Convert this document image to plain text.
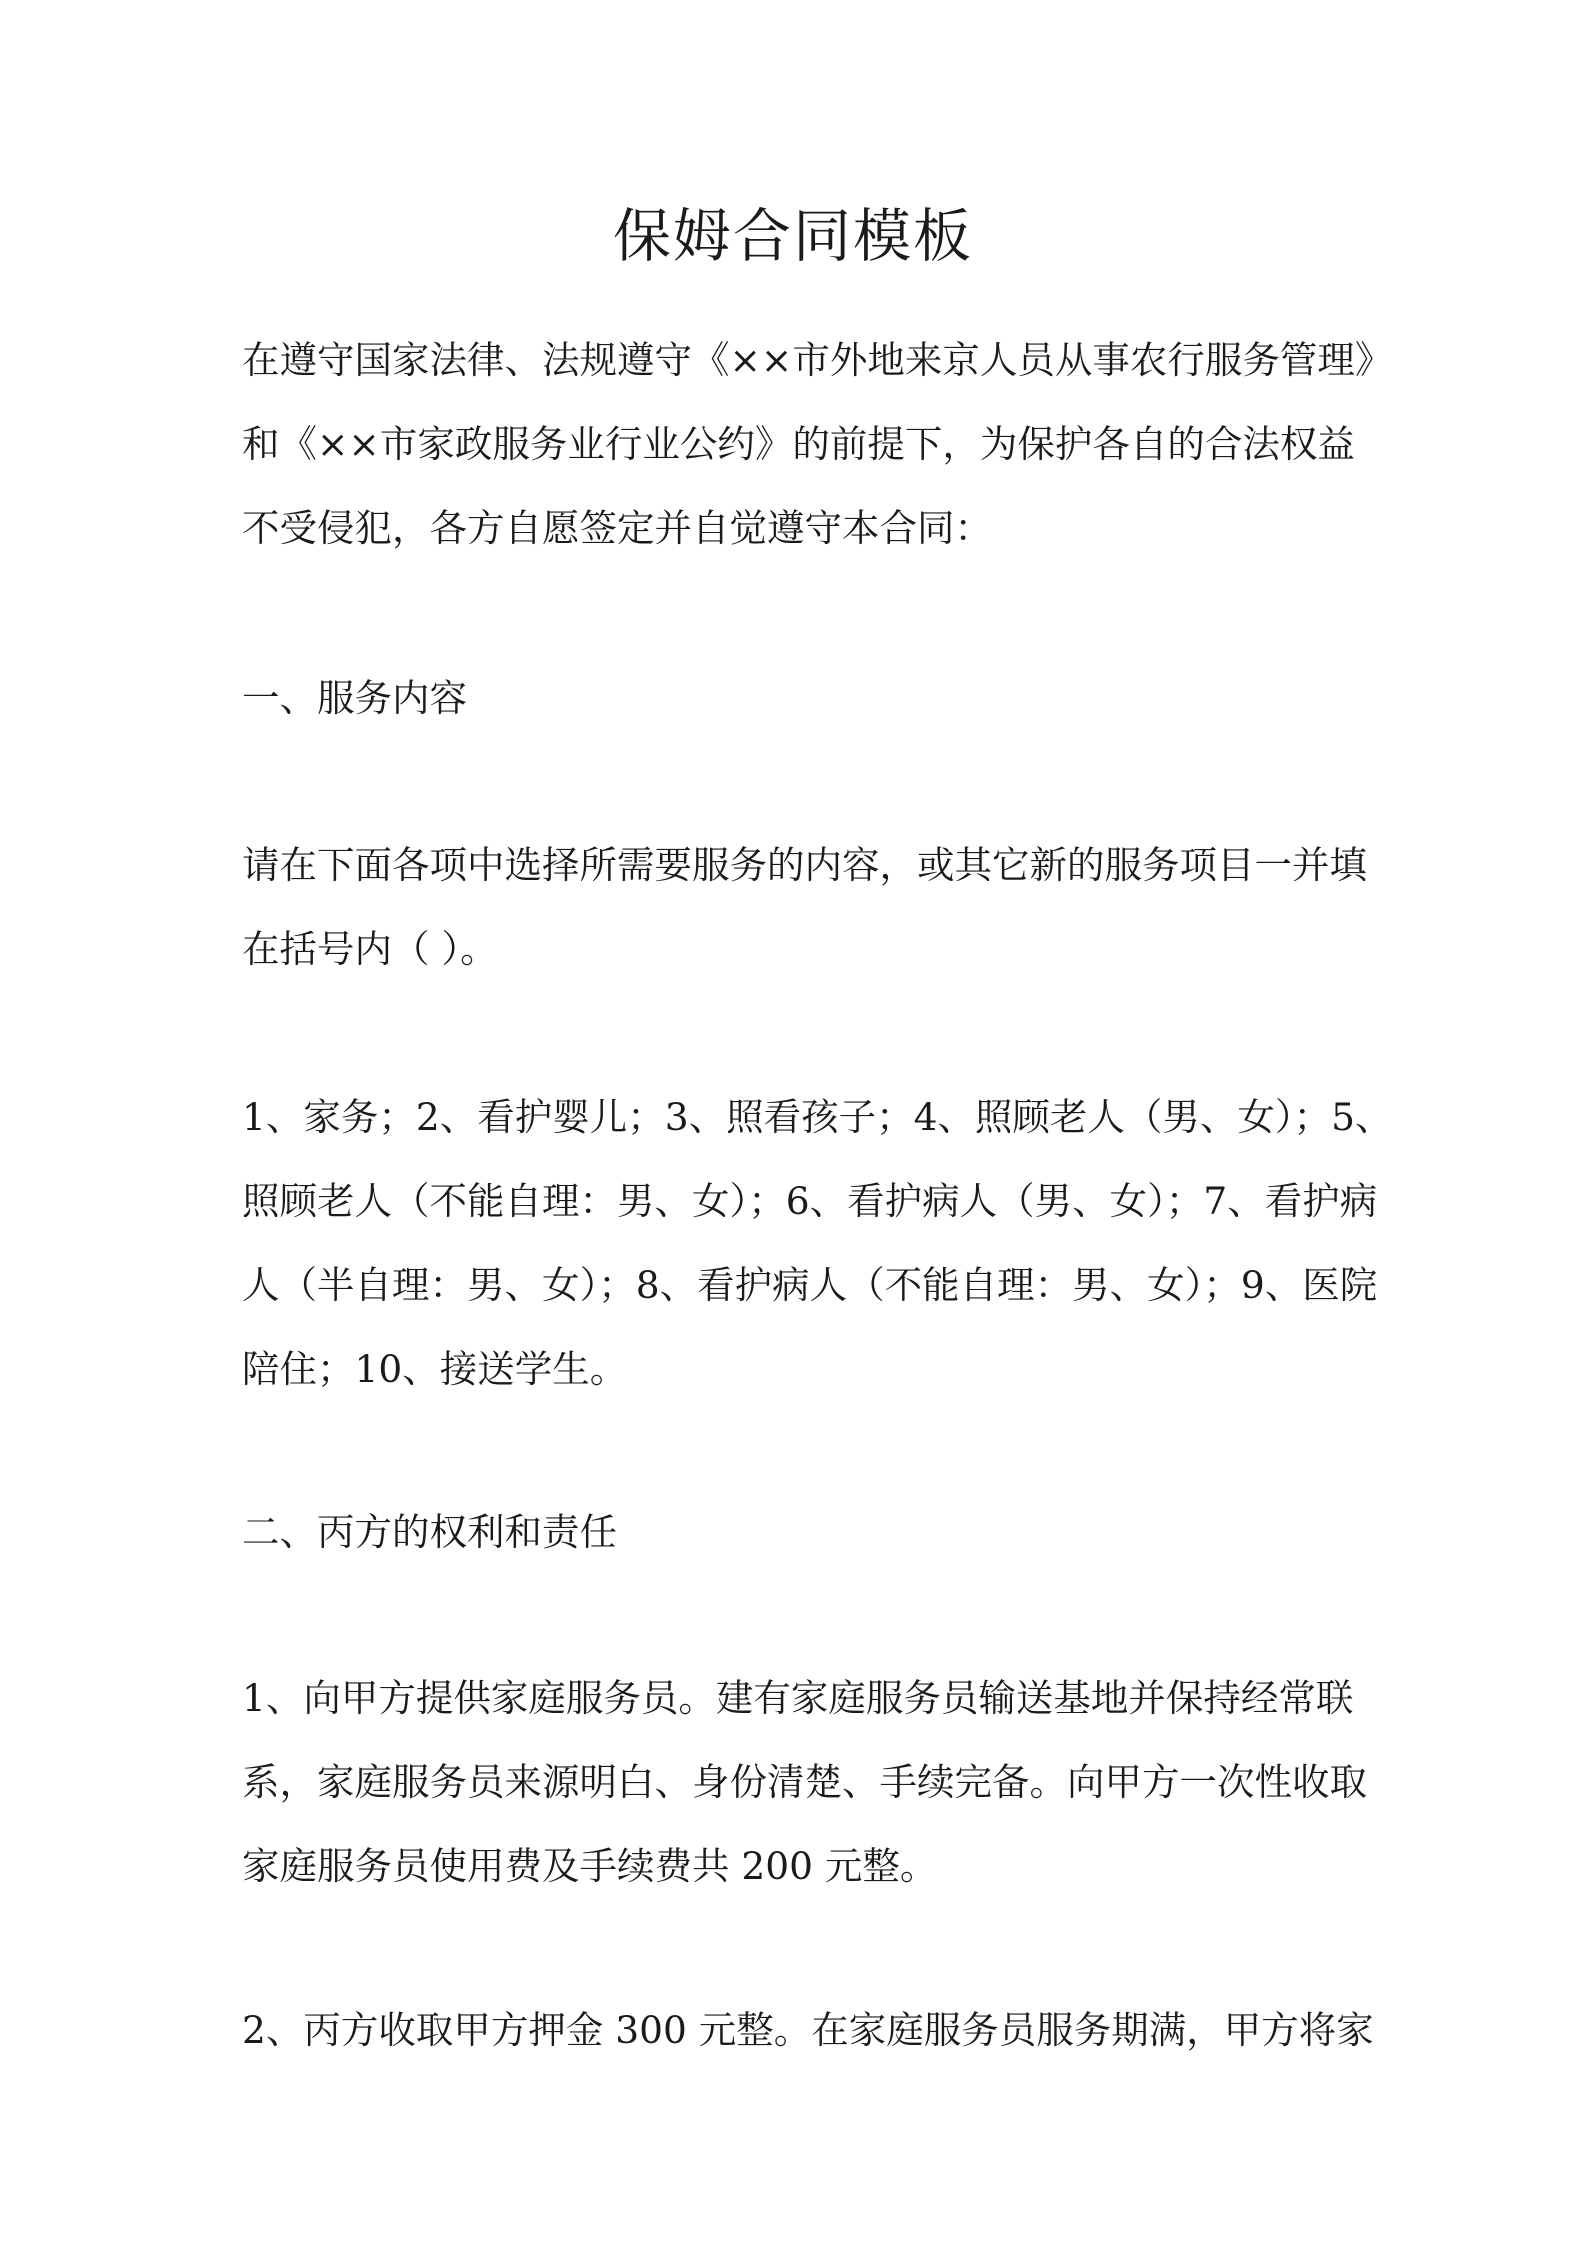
保姆合同模板
在遵守国家法律、法规遵守《××市外地来京人员从事农行服务管理》
和《××市家政服务业行业公约》的前提下，为保护各自的合法权益
不受侵犯，各方自愿签定并自觉遵守本合同：
一、服务内容
请在下面各项中选择所需要服务的内容，或其它新的服务项目一并填
在括号内（ ）。
1、家务；2、看护婴儿；3、照看孩子；4、照顾老人（男、女）；5、
照顾老人（不能自理：男、女）；6、看护病人（男、女）；7、看护病
人（半自理：男、女）；8、看护病人（不能自理：男、女）；9、医院
陪住；10、接送学生。
二、丙方的权利和责任
1、向甲方提供家庭服务员。建有家庭服务员输送基地并保持经常联
系，家庭服务员来源明白、身份清楚、手续完备。向甲方一次性收取
家庭服务员使用费及手续费共 200 元整。
2、丙方收取甲方押金 300 元整。在家庭服务员服务期满，甲方将家
